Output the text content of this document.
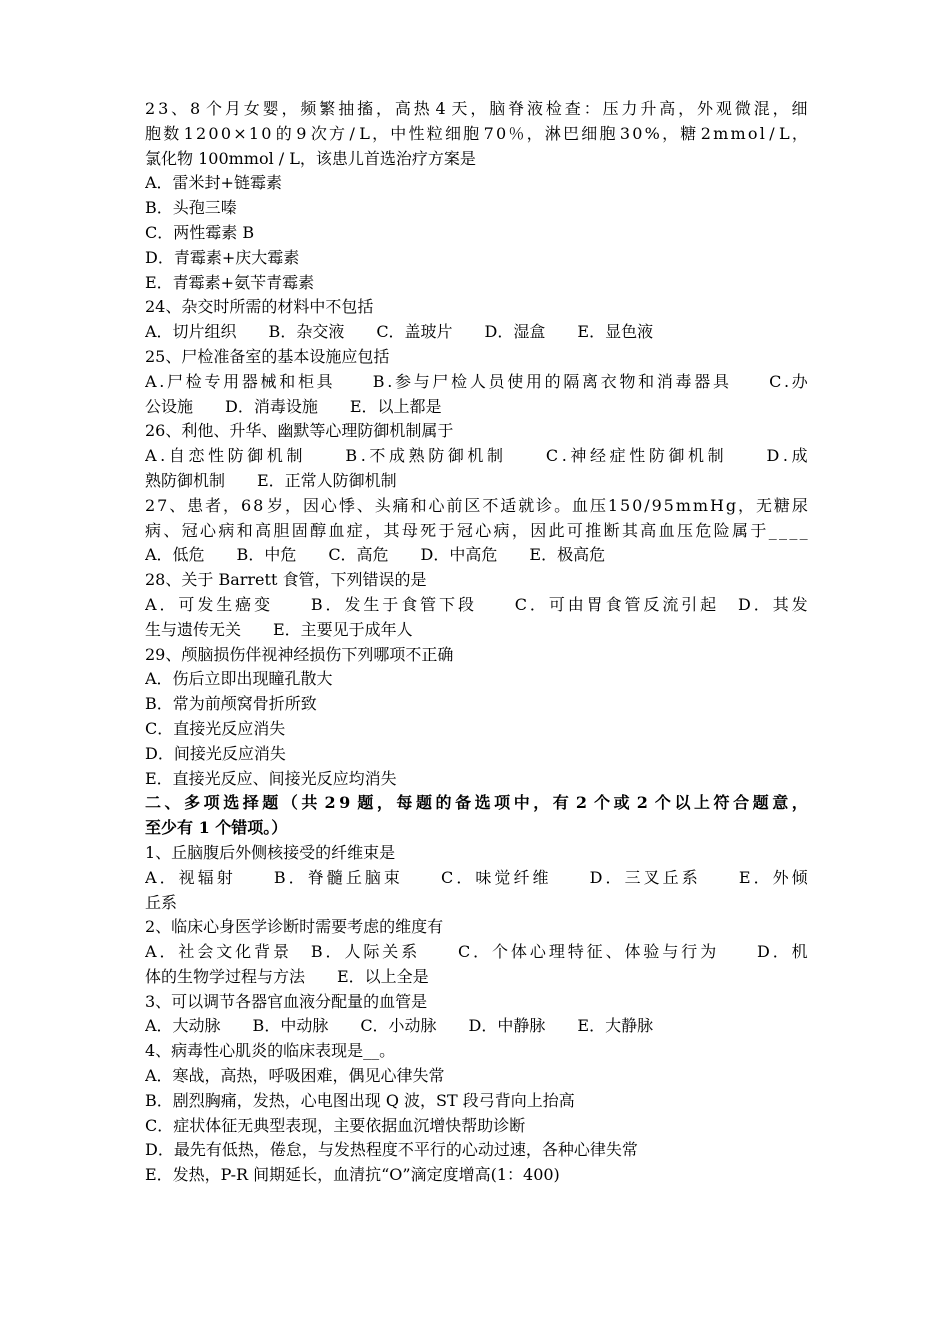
2 3 、 8 个 月 女 婴 ， 频 繁 抽 搐 ， 高 热 4 天 ， 脑 脊 液 检 查 ： 压 力 升 高 ， 外 观 微 混 ， 细
胞 数 1 2 0 0 × 1 0 的 9 次 方 / L ， 中 性 粒 细 胞 7 0 ％ ， 淋 巴 细 胞 3 0 % ， 糖 2 m m o l / L ，
氯化物 100mmol / L，该患儿首选治疗方案是
A．雷米封+链霉素
B．头孢三嗪
C．两性霉素 B
D．青霉素+庆大霉素
E．青霉素+氨苄青霉素
24、杂交时所需的材料中不包括
A．切片组织　　B．杂交液　　C．盖玻片　　D．湿盒　　E．显色液
25、尸检准备室的基本设施应包括
A . 尸 检 专 用 器 械 和 柜 具

　	B . 参 与 尸 检 人 员 使 用 的 隔 离 衣 物 和 消 毒 器 具

　	C . 办
公设施　　D．消毒设施　　E．以上都是
26、利他、升华、幽默等心理防御机制属于
A . 自 恋 性 防 御 机 制

　	B . 不 成 熟 防 御 机 制

　	C . 神 经 症 性 防 御 机 制

　	D . 成
熟防御机制　　E．正常人防御机制
2 7 、 患 者 ， 6 8 岁 ， 因 心 悸 、 头 痛 和 心 前 区 不 适 就 诊 。 血 压 1 5 0 / 9 5 m m H g ， 无 糖 尿
病 、 冠 心 病 和 高 胆 固 醇 血 症 ， 其 母 死 于 冠 心 病 ， 因 此 可 推 断 其 高 血 压 危 险 属 于 _ _ _ _
A．低危　　B．中危　　C．高危　　D．中高危　　E．极高危
28、关于 Barrett 食管，下列错误的是
A ． 可 发 生 癌 变

　	B ． 发 生 于 食 管 下 段

　	C ． 可 由 胃 食 管 反 流 引 起
　 D ． 其 发
生与遗传无关　　E．主要见于成年人
29、颅脑损伤伴视神经损伤下列哪项不正确
A．伤后立即出现瞳孔散大
B．常为前颅窝骨折所致
C．直接光反应消失
D．间接光反应消失
E．直接光反应、间接光反应均消失
二 、 多 项 选 择 题 （ 共 2 9 题 ， 每 题 的 备 选 项 中 ， 有 2 个 或 2 个 以 上 符 合 题 意 ，
至少有 1 个错项。）
1、丘脑腹后外侧核接受的纤维束是
A ． 视 辐 射

　	B ． 脊 髓 丘 脑 束

　	C ． 味 觉 纤 维

　	D ． 三 叉 丘 系

　	E ． 外 倾
丘系
2、临床心身医学诊断时需要考虑的维度有
A ． 社 会 文 化 背 景
　 B ． 人 际 关 系

　	C ． 个 体 心 理 特 征 、 体 验 与 行 为

　	D ． 机
体的生物学过程与方法　　E．以上全是
3、可以调节各器官血液分配量的血管是
A．大动脉　　B．中动脉　　C．小动脉　　D．中静脉　　E．大静脉
4、病毒性心肌炎的临床表现是__。
A．寒战，高热，呼吸困难，偶见心律失常
B．剧烈胸痛，发热，心电图出现 Q 波，ST 段弓背向上抬高
C．症状体征无典型表现，主要依据血沉增快帮助诊断
D．最先有低热，倦怠，与发热程度不平行的心动过速，各种心律失常
E．发热，P-R 间期延长，血清抗“O”滴定度增高(1：400)
